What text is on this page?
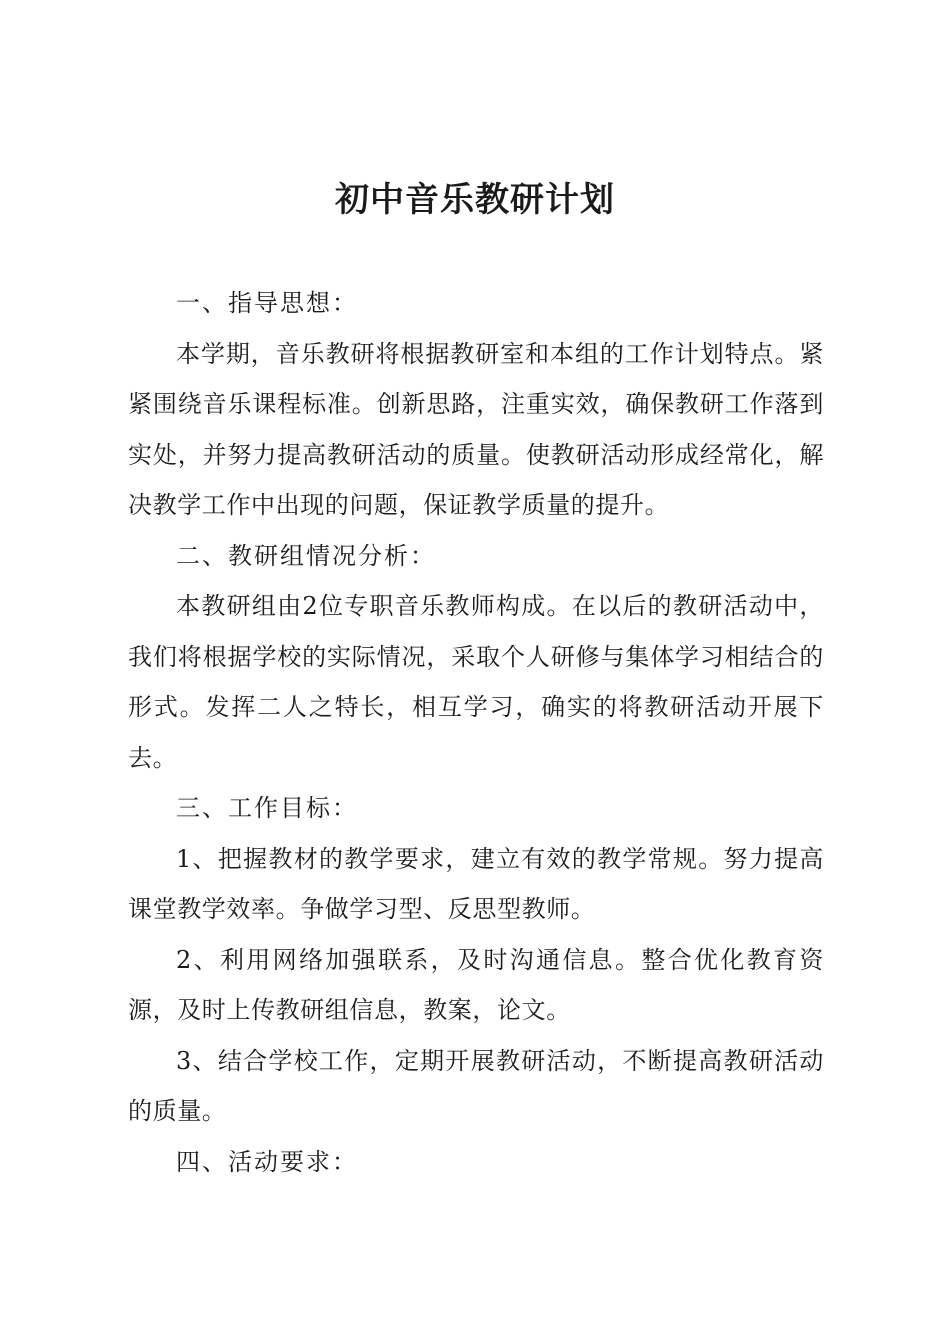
初中音乐教研计划

一、指导思想：

本学期，音乐教研将根据教研室和本组的工作计划特点。紧紧围绕音乐课程标准。创新思路，注重实效，确保教研工作落到实处，并努力提高教研活动的质量。使教研活动形成经常化，解决教学工作中出现的问题，保证教学质量的提升。

二、教研组情况分析：

本教研组由2位专职音乐教师构成。在以后的教研活动中，我们将根据学校的实际情况，采取个人研修与集体学习相结合的形式。发挥二人之特长，相互学习，确实的将教研活动开展下去。

三、工作目标：

1、把握教材的教学要求，建立有效的教学常规。努力提高课堂教学效率。争做学习型、反思型教师。

2、利用网络加强联系，及时沟通信息。整合优化教育资源，及时上传教研组信息，教案，论文。

3、结合学校工作，定期开展教研活动，不断提高教研活动的质量。

四、活动要求：
